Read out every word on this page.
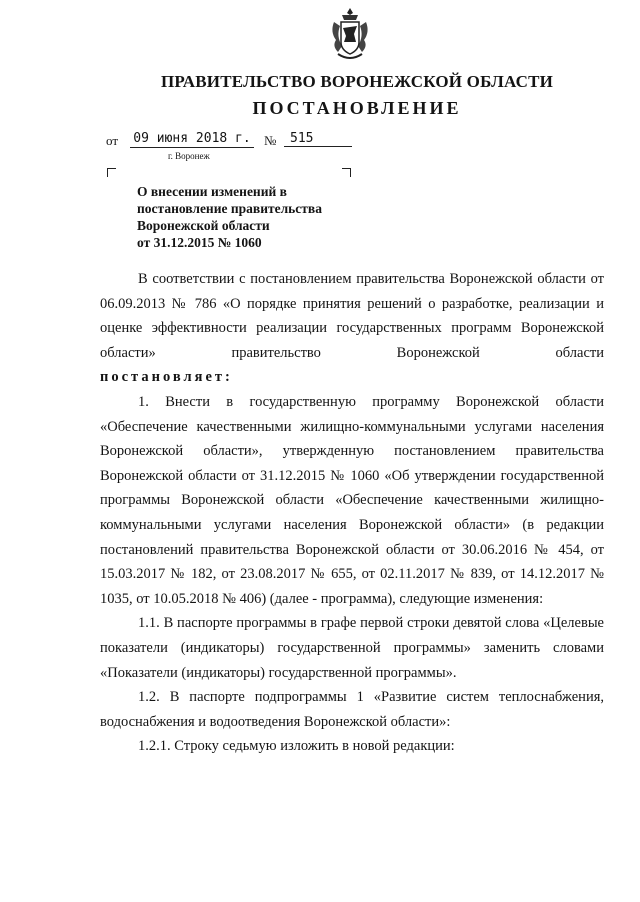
ПРАВИТЕЛЬСТВО ВОРОНЕЖСКОЙ ОБЛАСТИ
ПОСТАНОВЛЕНИЕ
от 09 июня 2018 г. №	515
г. Воронеж
О внесении изменений в
постановление правительства
Воронежской области
от 31.12.2015 № 1060

В соответствии с постановлением правительства Воронежской области от 06.09.2013 № 786 «О порядке принятия решений о разработке, реализации и оценке эффективности реализации государственных программ Воронежской области» правительство Воронежской области

постановляет:

1. Внести в государственную программу Воронежской области «Обеспечение качественными жилищно-коммунальными услугами населения Воронежской области», утвержденную постановлением правительства Воронежской области от 31.12.2015 № 1060 «Об утверждении государственной программы Воронежской области «Обеспечение качественными жилищно-коммунальными услугами населения Воронежской области» (в редакции постановлений правительства Воронежской области от 30.06.2016 № 454, от 15.03.2017 № 182, от 23.08.2017 № 655, от 02.11.2017 № 839, от 14.12.2017 № 1035, от 10.05.2018 № 406) (далее - программа), следующие изменения:

1.1. В паспорте программы в графе первой строки девятой слова «Целевые показатели (индикаторы) государственной программы» заменить словами «Показатели (индикаторы) государственной программы».

1.2. В паспорте подпрограммы 1 «Развитие систем теплоснабжения, водоснабжения и водоотведения Воронежской области»:

1.2.1. Строку седьмую изложить в новой редакции:
